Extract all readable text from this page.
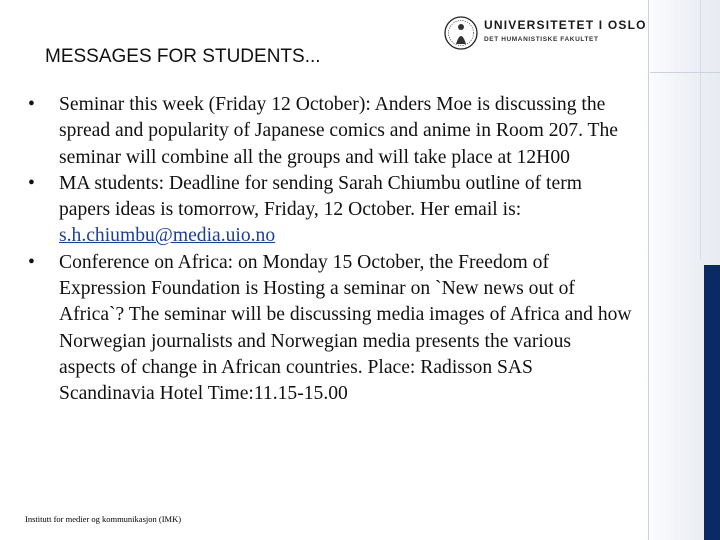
UNIVERSITETET I OSLO
DET HUMANISTISKE FAKULTET
MESSAGES FOR STUDENTS...
• Seminar this week (Friday 12 October): Anders Moe is discussing the spread and popularity of Japanese comics and anime in Room 207. The seminar will combine all the groups and will take place at 12H00
• MA students: Deadline for sending Sarah Chiumbu outline of term papers ideas is tomorrow, Friday, 12 October. Her email is: s.h.chiumbu@media.uio.no
• Conference on Africa: on Monday 15 October, the Freedom of Expression Foundation is Hosting a seminar on `New news out of Africa`? The seminar will be discussing media images of Africa and how Norwegian journalists and Norwegian media presents the various aspects of change in African countries. Place: Radisson SAS Scandinavia Hotel Time:11.15-15.00
Institutt for medier og kommunikasjon (IMK)
